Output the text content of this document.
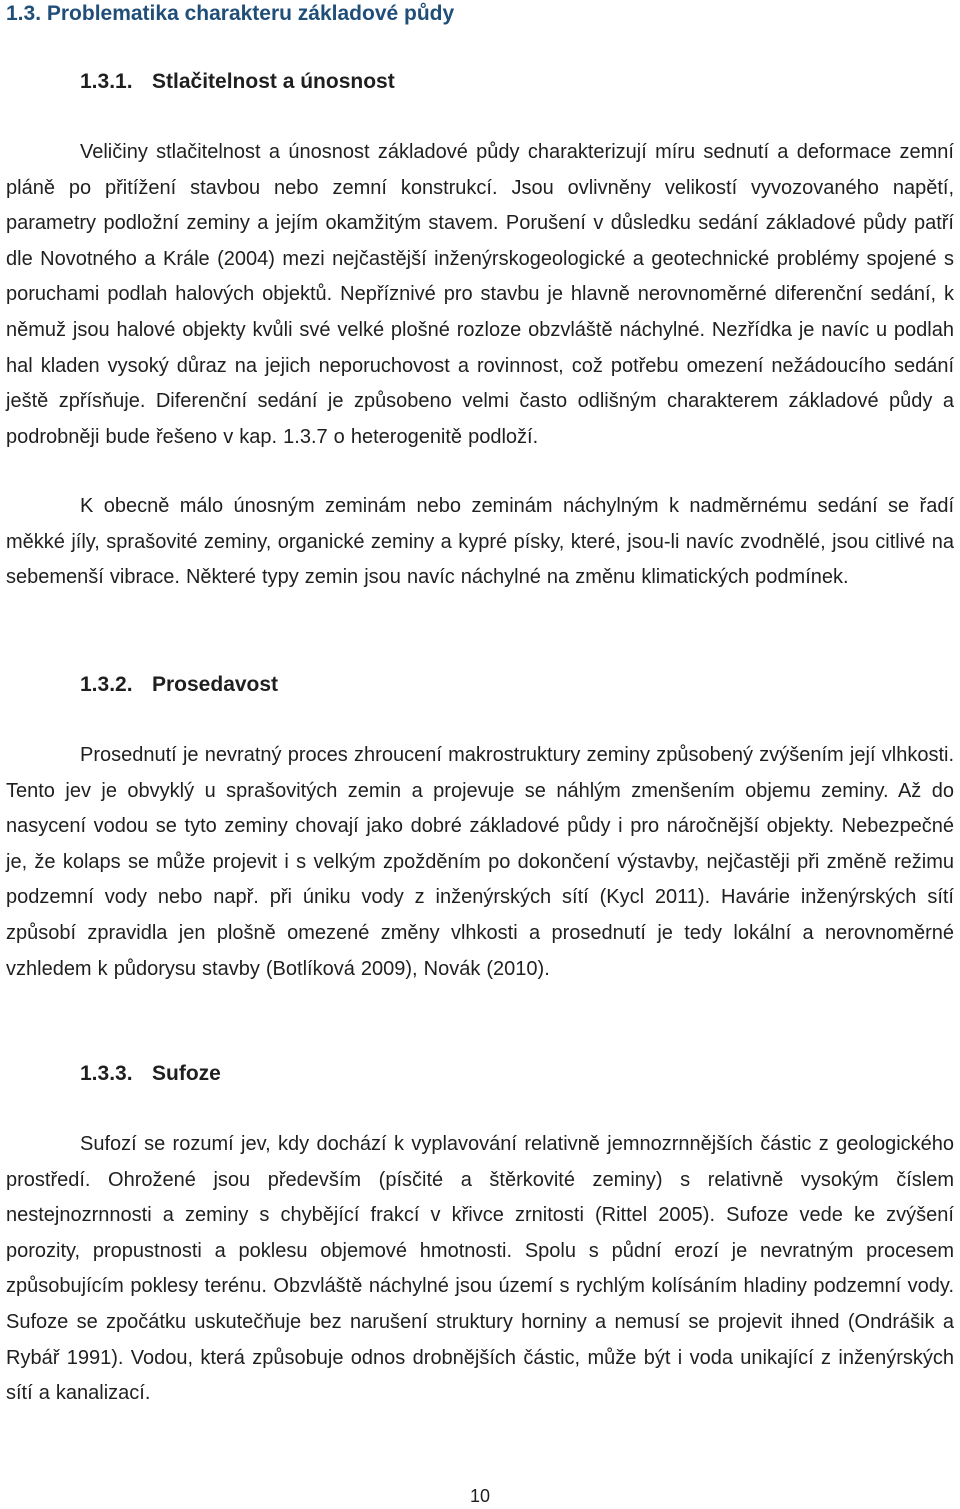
1.3. Problematika charakteru základové půdy
1.3.1. Stlačitelnost a únosnost
Veličiny stlačitelnost a únosnost základové půdy charakterizují míru sednutí a deformace zemní pláně po přitížení stavbou nebo zemní konstrukcí. Jsou ovlivněny velikostí vyvozovaného napětí, parametry podložní zeminy a jejím okamžitým stavem. Porušení v důsledku sedání základové půdy patří dle Novotného a Krále (2004) mezi nejčastější inženýrskogeologické a geotechnické problémy spojené s poruchami podlah halových objektů. Nepříznivé pro stavbu je hlavně nerovnoměrné diferenční sedání, k němuž jsou halové objekty kvůli své velké plošné rozloze obzvláště náchylné. Nezřídka je navíc u podlah hal kladen vysoký důraz na jejich neporuchovost a rovinnost, což potřebu omezení nežádoucího sedání ještě zpřísňuje. Diferenční sedání je způsobeno velmi často odlišným charakterem základové půdy a podrobněji bude řešeno v kap. 1.3.7 o heterogenitě podloží.
K obecně málo únosným zeminám nebo zeminám náchylným k nadměrnému sedání se řadí měkké jíly, sprašovité zeminy, organické zeminy a kypré písky, které, jsou-li navíc zvodnělé, jsou citlivé na sebemenší vibrace. Některé typy zemin jsou navíc náchylné na změnu klimatických podmínek.
1.3.2. Prosedavost
Prosednutí je nevratný proces zhroucení makrostruktury zeminy způsobený zvýšením její vlhkosti. Tento jev je obvyklý u sprašovitých zemin a projevuje se náhlým zmenšením objemu zeminy. Až do nasycení vodou se tyto zeminy chovají jako dobré základové půdy i pro náročnější objekty. Nebezpečné je, že kolaps se může projevit i s velkým zpožděním po dokončení výstavby, nejčastěji při změně režimu podzemní vody nebo např. při úniku vody z inženýrských sítí (Kycl 2011). Havárie inženýrských sítí způsobí zpravidla jen plošně omezené změny vlhkosti a prosednutí je tedy lokální a nerovnoměrné vzhledem k půdorysu stavby (Botlíková 2009), Novák (2010).
1.3.3. Sufoze
Sufozí se rozumí jev, kdy dochází k vyplavování relativně jemnozrnnějších částic z geologického prostředí. Ohrožené jsou především (písčité a štěrkovité zeminy) s relativně vysokým číslem nestejnozrnnosti a zeminy s chybějící frakcí v křivce zrnitosti (Rittel 2005). Sufoze vede ke zvýšení porozity, propustnosti a poklesu objemové hmotnosti. Spolu s půdní erozí je nevratným procesem způsobujícím poklesy terénu. Obzvláště náchylné jsou území s rychlým kolísáním hladiny podzemní vody. Sufoze se zpočátku uskutečňuje bez narušení struktury horniny a nemusí se projevit ihned (Ondrášik a Rybář 1991). Vodou, která způsobuje odnos drobnějších částic, může být i voda unikající z inženýrských sítí a kanalizací.
10
